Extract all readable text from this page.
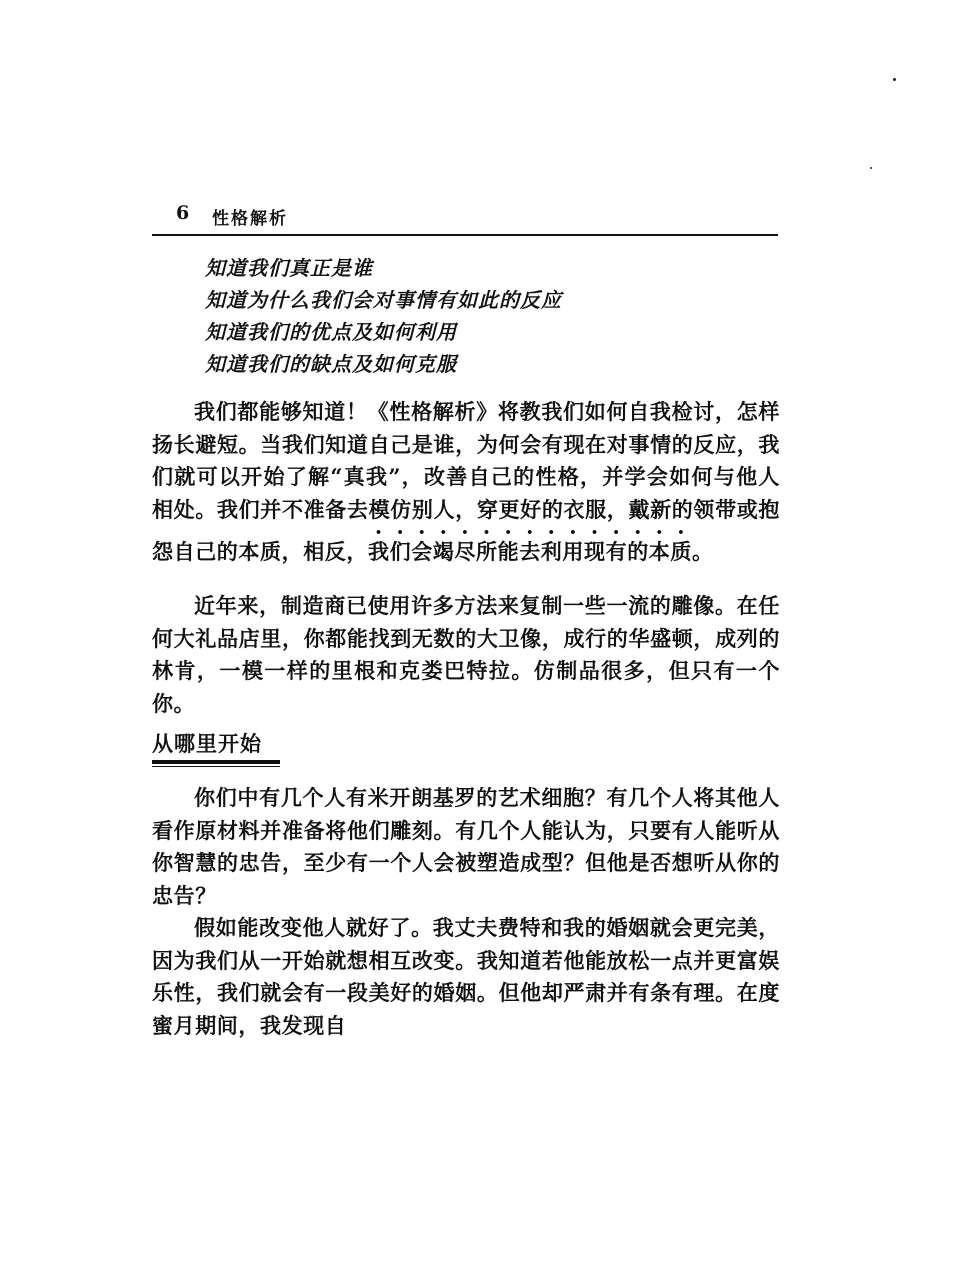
6 性格解析
知道我们真正是谁
知道为什么我们会对事情有如此的反应
知道我们的优点及如何利用
知道我们的缺点及如何克服

我们都能够知道！《性格解析》将教我们如何自我检讨，怎样扬长避短。当我们知道自己是谁，为何会有现在对事情的反应，我们就可以开始了解“真我”，改善自己的性格，并学会如何与他人相处。我们并不准备去模仿别人，穿更好的衣服，戴新的领带或抱怨自己的本质，相反，我们会竭尽所能去利用现有的本质。

近年来，制造商已使用许多方法来复制一些一流的雕像。在任何大礼品店里，你都能找到无数的大卫像，成行的华盛顿，成列的林肯，一模一样的里根和克娄巴特拉。仿制品很多，但只有一个你。

从哪里开始

你们中有几个人有米开朗基罗的艺术细胞？有几个人将其他人看作原材料并准备将他们雕刻。有几个人能认为，只要有人能听从你智慧的忠告，至少有一个人会被塑造成型？但他是否想听从你的忠告？

假如能改变他人就好了。我丈夫费特和我的婚姻就会更完美，因为我们从一开始就想相互改变。我知道若他能放松一点并更富娱乐性，我们就会有一段美好的婚姻。但他却严肃并有条有理。在度蜜月期间，我发现自
